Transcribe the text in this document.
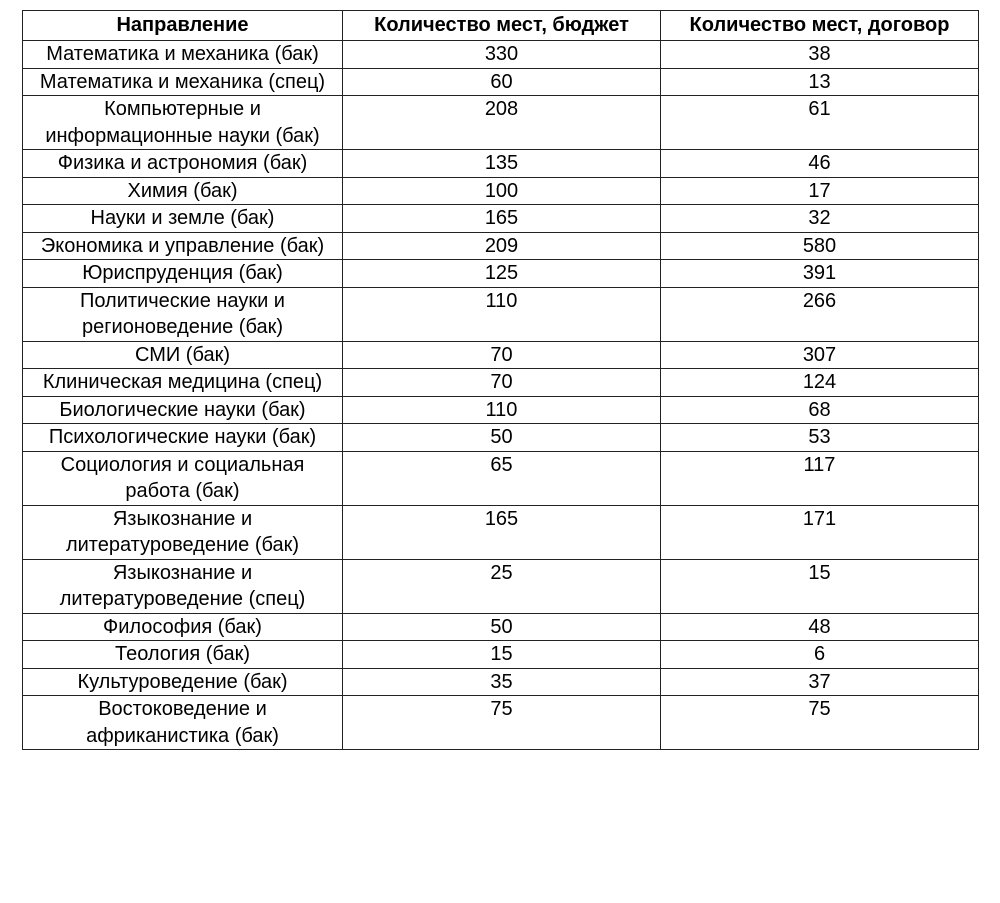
Направление	Количество мест, бюджет	Количество мест, договор
Математика и механика (бак)	330	38
Математика и механика (спец)	60	13
Компьютерные и информационные науки (бак)	208	61
Физика и астрономия (бак)	135	46
Химия (бак)	100	17
Науки и земле (бак)	165	32
Экономика и управление (бак)	209	580
Юриспруденция (бак)	125	391
Политические науки и регионоведение (бак)	110	266
СМИ (бак)	70	307
Клиническая медицина (спец)	70	124
Биологические науки (бак)	110	68
Психологические науки (бак)	50	53
Социология и социальная работа (бак)	65	117
Языкознание и литературоведение (бак)	165	171
Языкознание и литературоведение (спец)	25	15
Философия (бак)	50	48
Теология (бак)	15	6
Культуроведение (бак)	35	37
Востоковедение и африканистика (бак)	75	75
